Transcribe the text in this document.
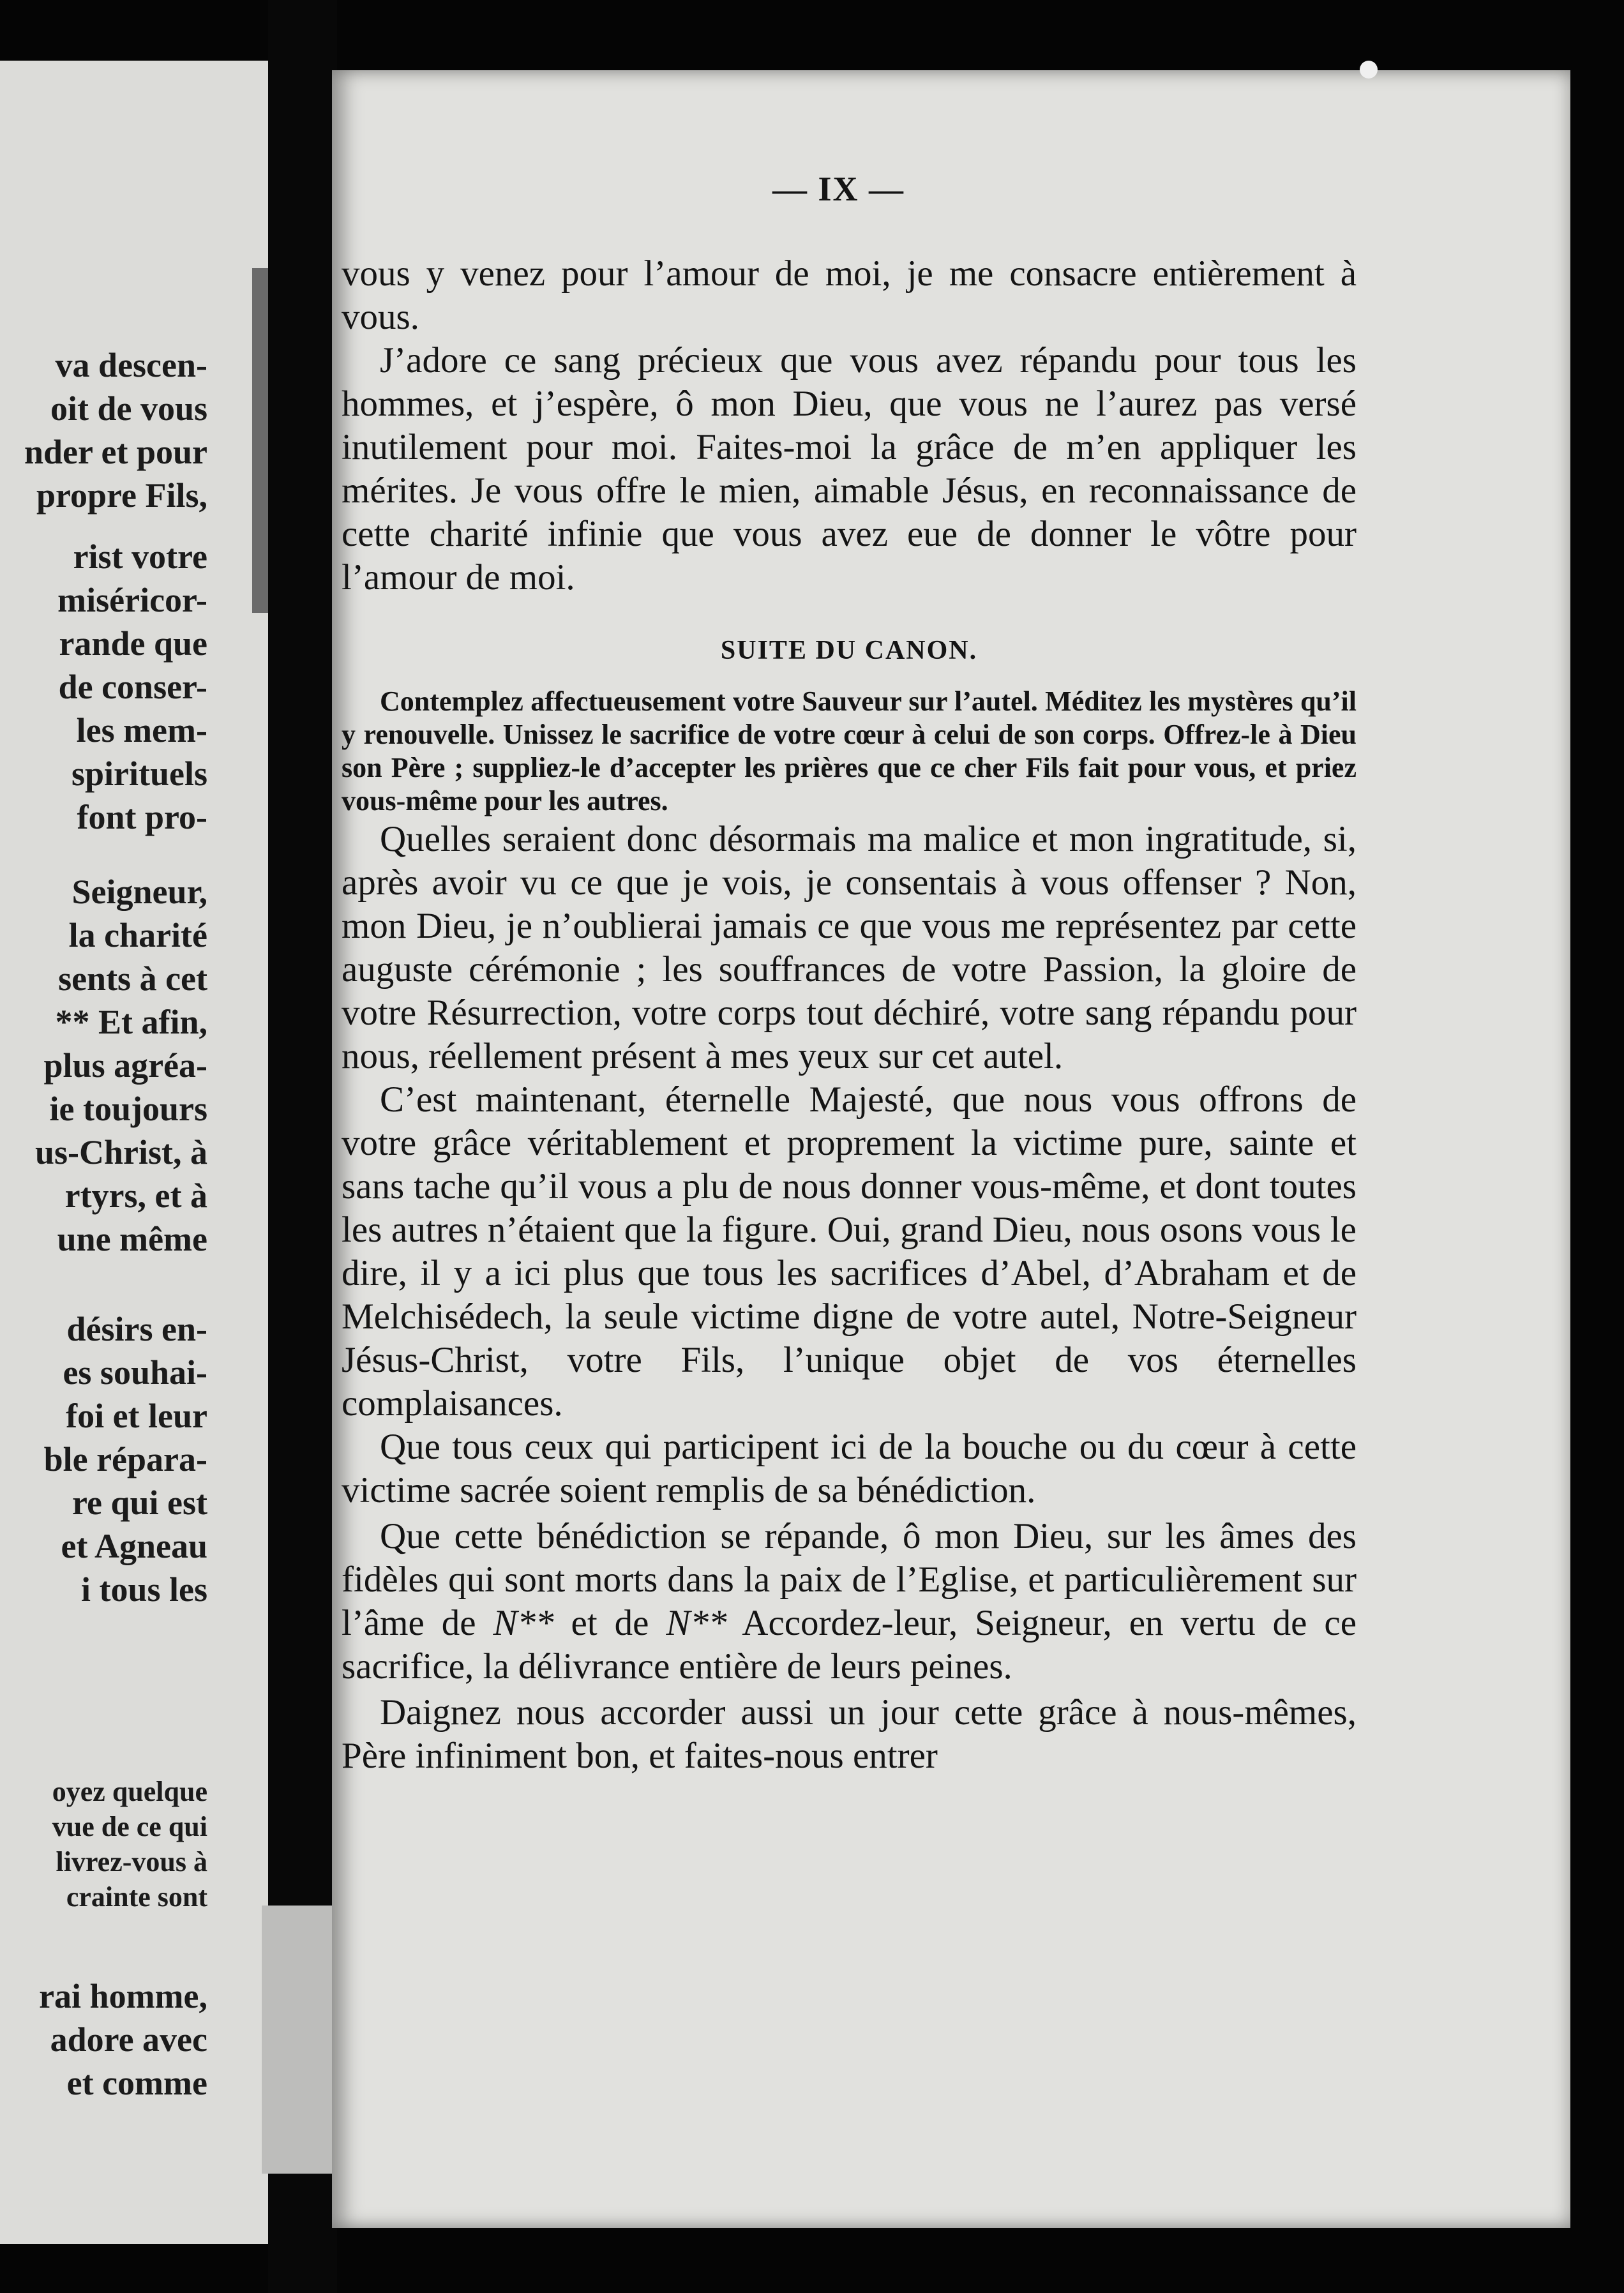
va descen-
oit de vous
nder et pour
propre Fils,
rist votre
miséricor-
rande que
de conser-
les mem-
spirituels
font pro-
Seigneur,
la charité
sents à cet
** Et afin,
plus agréa-
ie toujours
us-Christ, à
rtyrs, et à
une même
désirs en-
es souhai-
foi et leur
ble répara-
re qui est
et Agneau
i tous les
oyez quelque
vue de ce qui
livrez-vous à
crainte sont
rai homme,
adore avec
et comme
— IX —

vous y venez pour l’amour de moi, je me consacre entièrement à vous.

J’adore ce sang précieux que vous avez répandu pour tous les hommes, et j’espère, ô mon Dieu, que vous ne l’aurez pas versé inutilement pour moi. Faites-moi la grâce de m’en appliquer les mérites. Je vous offre le mien, aimable Jésus, en reconnaissance de cette charité infinie que vous avez eue de donner le vôtre pour l’amour de moi.

SUITE DU CANON.

Contemplez affectueusement votre Sauveur sur l’autel. Méditez les mystères qu’il y renouvelle. Unissez le sacrifice de votre cœur à celui de son corps. Offrez-le à Dieu son Père ; suppliez-le d’accepter les prières que ce cher Fils fait pour vous, et priez vous-même pour les autres.

Quelles seraient donc désormais ma malice et mon ingratitude, si, après avoir vu ce que je vois, je consentais à vous offenser ? Non, mon Dieu, je n’oublierai jamais ce que vous me représentez par cette auguste cérémonie ; les souffrances de votre Passion, la gloire de votre Résurrection, votre corps tout déchiré, votre sang répandu pour nous, réellement présent à mes yeux sur cet autel.

C’est maintenant, éternelle Majesté, que nous vous offrons de votre grâce véritablement et proprement la victime pure, sainte et sans tache qu’il vous a plu de nous donner vous-même, et dont toutes les autres n’étaient que la figure. Oui, grand Dieu, nous osons vous le dire, il y a ici plus que tous les sacrifices d’Abel, d’Abraham et de Melchisédech, la seule victime digne de votre autel, Notre-Seigneur Jésus-Christ, votre Fils, l’unique objet de vos éternelles complaisances.

Que tous ceux qui participent ici de la bouche ou du cœur à cette victime sacrée soient remplis de sa bénédiction.

Que cette bénédiction se répande, ô mon Dieu, sur les âmes des fidèles qui sont morts dans la paix de l’Eglise, et particulièrement sur l’âme de N** et de N** Accordez-leur, Seigneur, en vertu de ce sacrifice, la délivrance entière de leurs peines.

Daignez nous accorder aussi un jour cette grâce à nous-mêmes, Père infiniment bon, et faites-nous entrer
